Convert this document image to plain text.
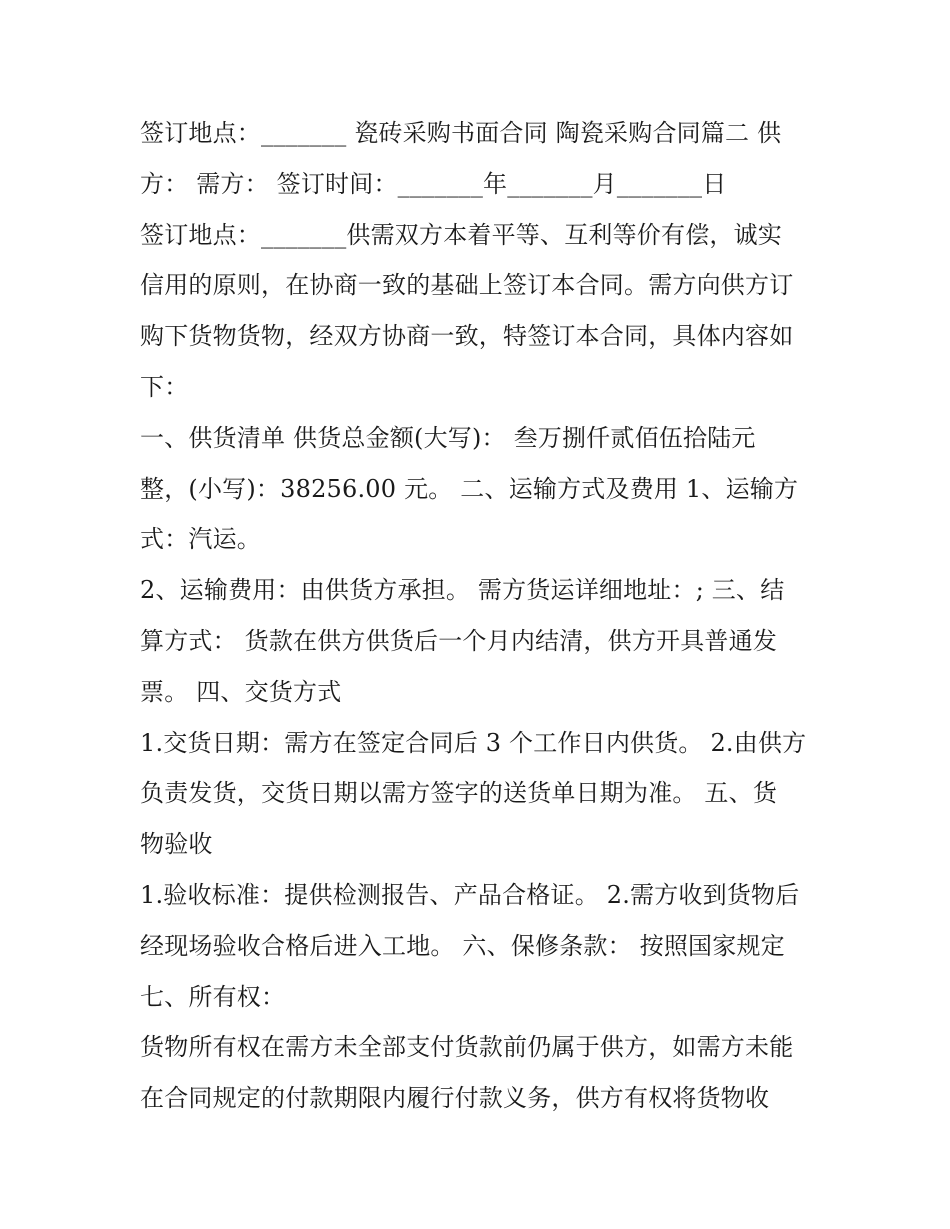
签订地点：_______ 瓷砖采购书面合同 陶瓷采购合同篇二 供
方： 需方： 签订时间：_______年_______月_______日
签订地点：_______供需双方本着平等、互利等价有偿，诚实
信用的原则，在协商一致的基础上签订本合同。需方向供方订
购下货物货物，经双方协商一致，特签订本合同，具体内容如
下：
一、供货清单 供货总金额(大写)： 叁万捌仟贰佰伍拾陆元
整，(小写)：38256.00 元。 二、运输方式及费用 1、运输方
式：汽运。
2、运输费用：由供货方承担。 需方货运详细地址：; 三、结
算方式： 货款在供方供货后一个月内结清，供方开具普通发
票。 四、交货方式
1.交货日期：需方在签定合同后 3 个工作日内供货。 2.由供方
负责发货，交货日期以需方签字的送货单日期为准。 五、货
物验收
1.验收标准：提供检测报告、产品合格证。 2.需方收到货物后
经现场验收合格后进入工地。 六、保修条款： 按照国家规定
七、所有权：
货物所有权在需方未全部支付货款前仍属于供方，如需方未能
在合同规定的付款期限内履行付款义务，供方有权将货物收
